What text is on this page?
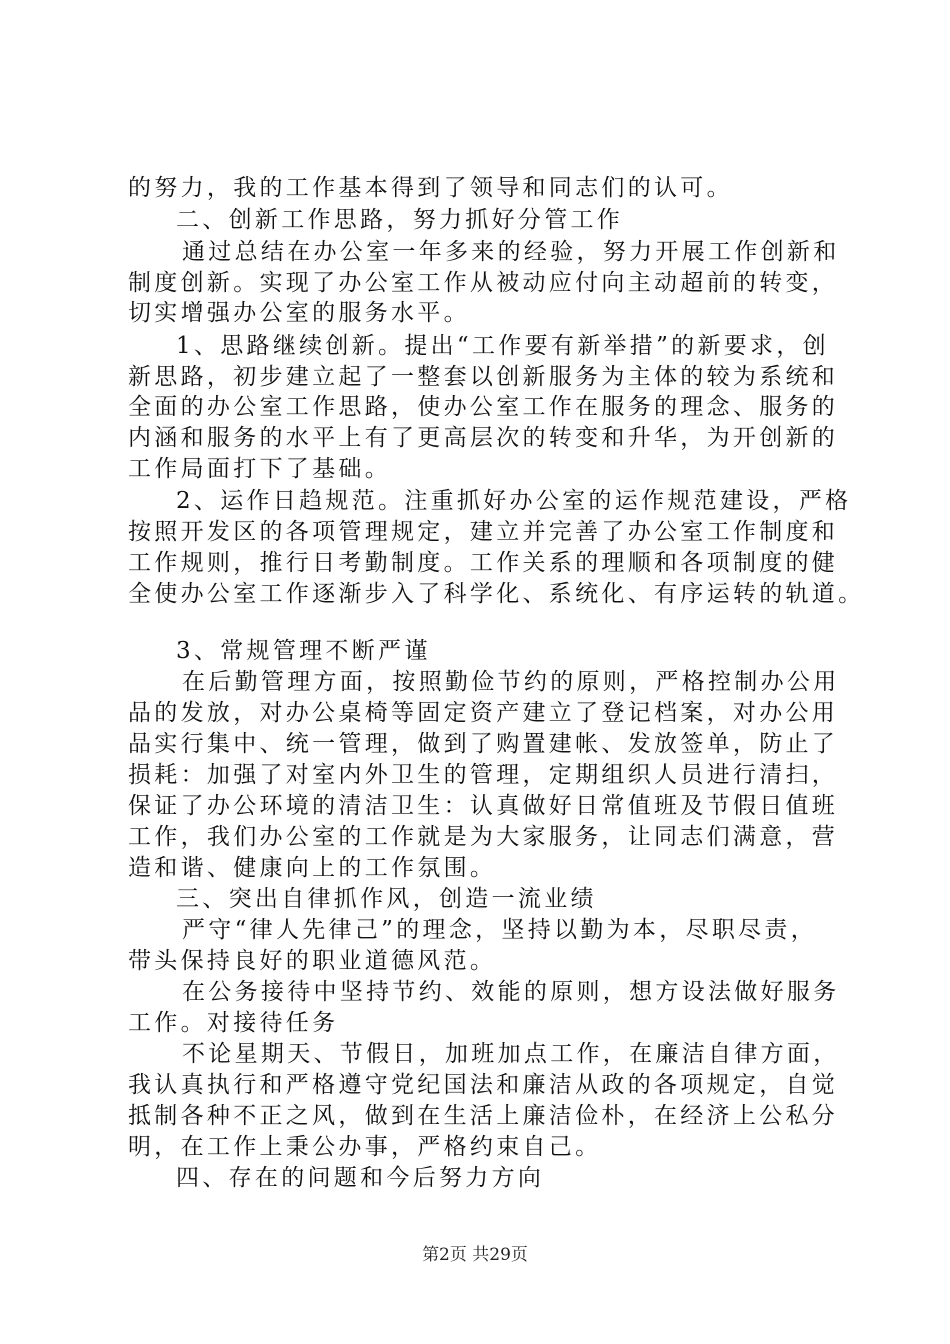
的努力，我的工作基本得到了领导和同志们的认可。
二、创新工作思路，努力抓好分管工作
通过总结在办公室一年多来的经验，努力开展工作创新和
制度创新。实现了办公室工作从被动应付向主动超前的转变，
切实增强办公室的服务水平。
1、思路继续创新。提出“工作要有新举措”的新要求，创
新思路，初步建立起了一整套以创新服务为主体的较为系统和
全面的办公室工作思路，使办公室工作在服务的理念、服务的
内涵和服务的水平上有了更高层次的转变和升华，为开创新的
工作局面打下了基础。
2、运作日趋规范。注重抓好办公室的运作规范建设，严格
按照开发区的各项管理规定，建立并完善了办公室工作制度和
工作规则，推行日考勤制度。工作关系的理顺和各项制度的健
全使办公室工作逐渐步入了科学化、系统化、有序运转的轨道。
3、常规管理不断严谨
在后勤管理方面，按照勤俭节约的原则，严格控制办公用
品的发放，对办公桌椅等固定资产建立了登记档案，对办公用
品实行集中、统一管理，做到了购置建帐、发放签单，防止了
损耗：加强了对室内外卫生的管理，定期组织人员进行清扫，
保证了办公环境的清洁卫生：认真做好日常值班及节假日值班
工作，我们办公室的工作就是为大家服务，让同志们满意，营
造和谐、健康向上的工作氛围。
三、突出自律抓作风，创造一流业绩
严守“律人先律己”的理念，坚持以勤为本，尽职尽责，
带头保持良好的职业道德风范。
在公务接待中坚持节约、效能的原则，想方设法做好服务
工作。对接待任务
不论星期天、节假日，加班加点工作，在廉洁自律方面，
我认真执行和严格遵守党纪国法和廉洁从政的各项规定，自觉
抵制各种不正之风，做到在生活上廉洁俭朴，在经济上公私分
明，在工作上秉公办事，严格约束自己。
四、存在的问题和今后努力方向
第2页 共29页
